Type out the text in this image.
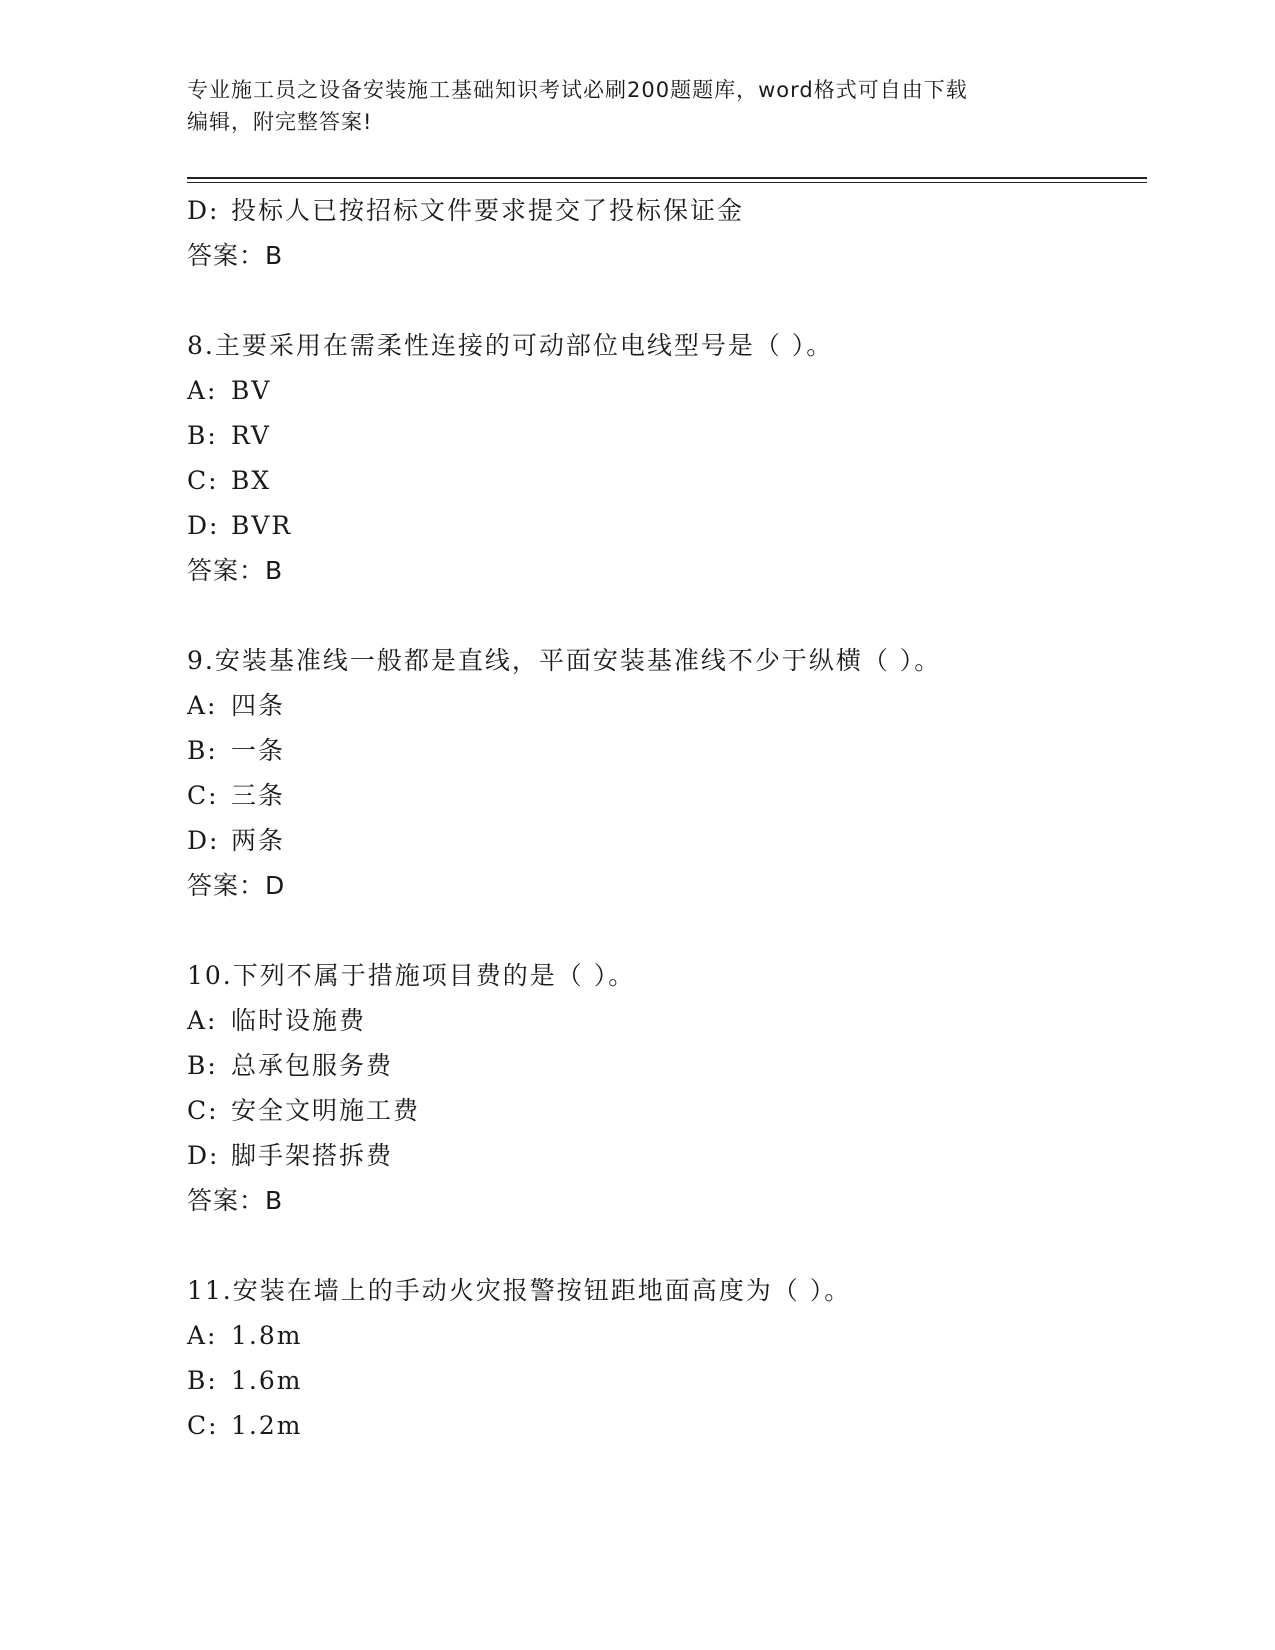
专业施工员之设备安装施工基础知识考试必刷200题题库，word格式可自由下载
编辑，附完整答案!
D: 投标人已按招标文件要求提交了投标保证金
答案：B
8.主要采用在需柔性连接的可动部位电线型号是（ ）。
A: BV
B: RV
C: BX
D: BVR
答案：B
9.安装基准线一般都是直线，平面安装基准线不少于纵横（ ）。
A: 四条
B: 一条
C: 三条
D: 两条
答案：D
10.下列不属于措施项目费的是（ ）。
A: 临时设施费
B: 总承包服务费
C: 安全文明施工费
D: 脚手架搭拆费
答案：B
11.安装在墙上的手动火灾报警按钮距地面高度为（ ）。
A: 1.8m
B: 1.6m
C: 1.2m
